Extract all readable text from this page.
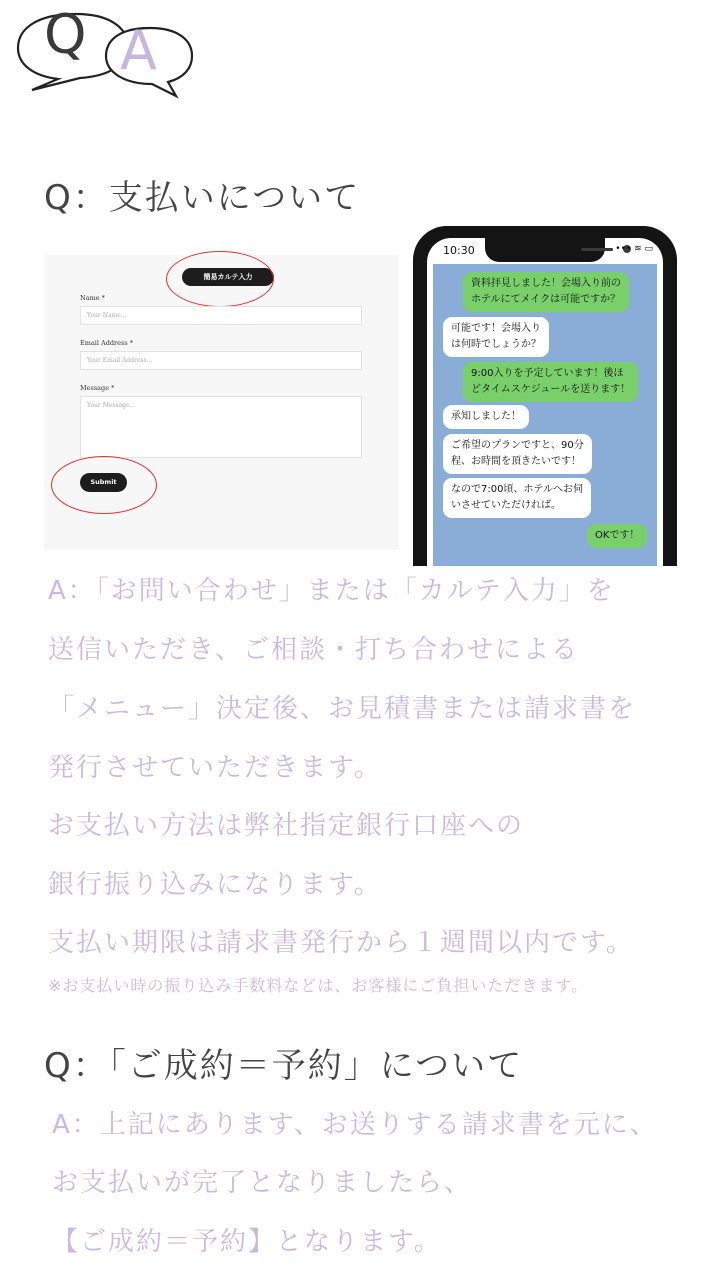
Q A
Q：支払いについて
簡易カルテ入力
Name *
Your Name...
Email Address *
Your Email Address...
Message *
Your Message...
Submit
10:30	••• ≋ ▭
資料拝見しました！会場入り前の
ホテルにてメイクは可能ですか？
可能です！会場入り
は何時でしょうか？
9:00入りを予定しています！後ほ
どタイムスケジュールを送ります！
承知しました！
ご希望のプランですと、90分
程、お時間を頂きたいです！
なので7:00頃、ホテルへお伺
いさせていただければ。
OKです！
A：「お問い合わせ」または「カルテ入力」を
送信いただき、ご相談・打ち合わせによる
「メニュー」決定後、お見積書または請求書を
発行させていただきます。
お支払い方法は弊社指定銀行口座への
銀行振り込みになります。
支払い期限は請求書発行から１週間以内です。
※お支払い時の振り込み手数料などは、お客様にご負担いただきます。
Q：「ご成約＝予約」について
A：上記にあります、お送りする請求書を元に、
お支払いが完了となりましたら、
【ご成約＝予約】となります。
